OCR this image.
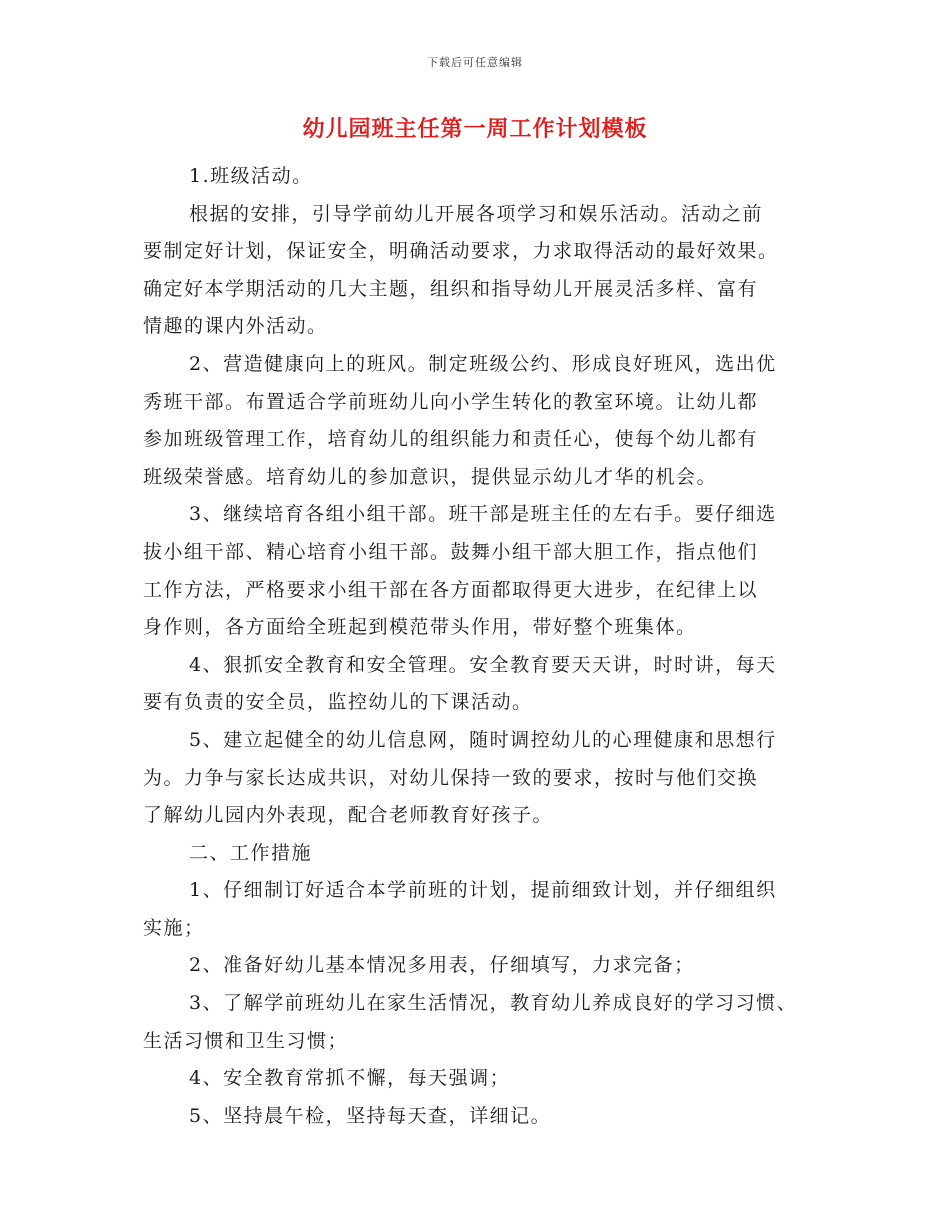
下载后可任意编辑
幼儿园班主任第一周工作计划模板

1.班级活动。
根据的安排，引导学前幼儿开展各项学习和娱乐活动。活动之前
要制定好计划，保证安全，明确活动要求，力求取得活动的最好效果。
确定好本学期活动的几大主题，组织和指导幼儿开展灵活多样、富有
情趣的课内外活动。
2、营造健康向上的班风。制定班级公约、形成良好班风，选出优
秀班干部。布置适合学前班幼儿向小学生转化的教室环境。让幼儿都
参加班级管理工作，培育幼儿的组织能力和责任心，使每个幼儿都有
班级荣誉感。培育幼儿的参加意识，提供显示幼儿才华的机会。
3、继续培育各组小组干部。班干部是班主任的左右手。要仔细选
拔小组干部、精心培育小组干部。鼓舞小组干部大胆工作，指点他们
工作方法，严格要求小组干部在各方面都取得更大进步，在纪律上以
身作则，各方面给全班起到模范带头作用，带好整个班集体。
4、狠抓安全教育和安全管理。安全教育要天天讲，时时讲，每天
要有负责的安全员，监控幼儿的下课活动。
5、建立起健全的幼儿信息网，随时调控幼儿的心理健康和思想行
为。力争与家长达成共识，对幼儿保持一致的要求，按时与他们交换
了解幼儿园内外表现，配合老师教育好孩子。
二、工作措施
1、仔细制订好适合本学前班的计划，提前细致计划，并仔细组织
实施；
2、准备好幼儿基本情况多用表，仔细填写，力求完备；
3、了解学前班幼儿在家生活情况，教育幼儿养成良好的学习习惯、
生活习惯和卫生习惯；
4、安全教育常抓不懈，每天强调；
5、坚持晨午检，坚持每天查，详细记。
